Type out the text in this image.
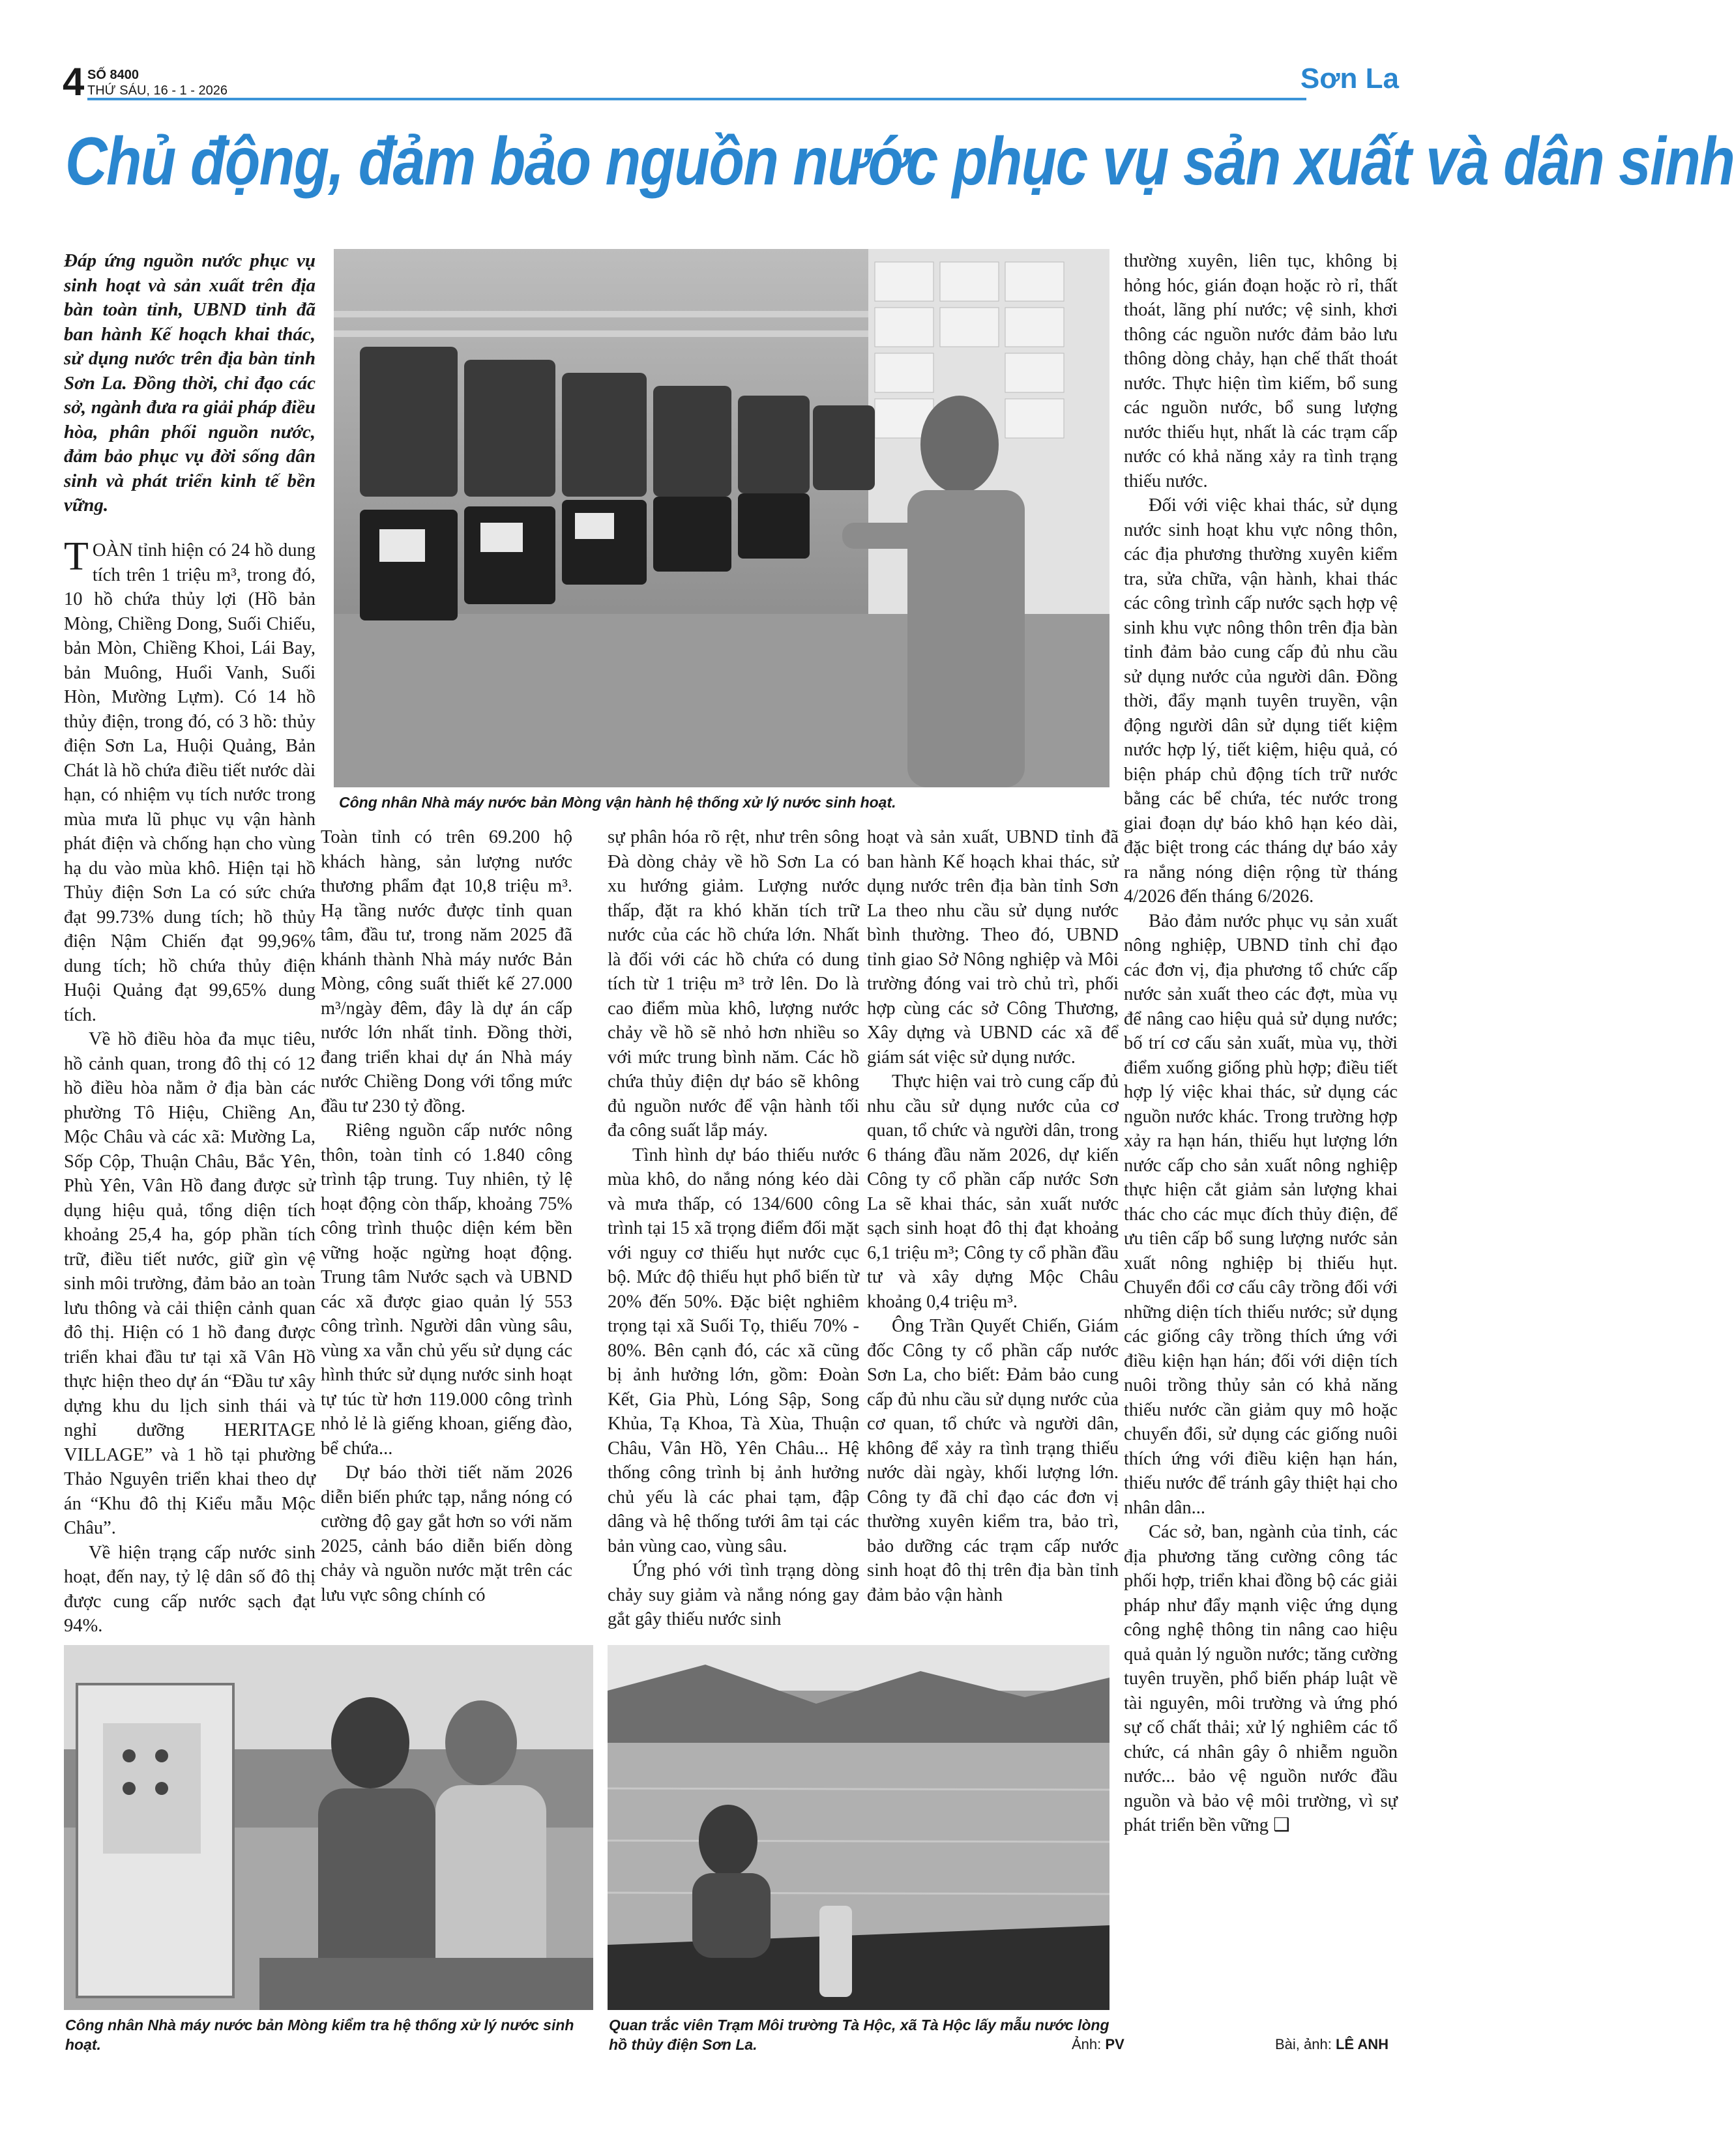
4 SỐ 8400
THỨ SÁU, 16 - 1 - 2026	Sơn La
Chủ động, đảm bảo nguồn nước phục vụ sản xuất và dân sinh
Đáp ứng nguồn nước phục vụ sinh hoạt và sản xuất trên địa bàn toàn tỉnh, UBND tỉnh đã ban hành Kế hoạch khai thác, sử dụng nước trên địa bàn tỉnh Sơn La. Đồng thời, chỉ đạo các sở, ngành đưa ra giải pháp điều hòa, phân phối nguồn nước, đảm bảo phục vụ đời sống dân sinh và phát triển kinh tế bền vững.
Công nhân Nhà máy nước bản Mòng vận hành hệ thống xử lý nước sinh hoạt.

TOÀN tỉnh hiện có 24 hồ dung tích trên 1 triệu m³, trong đó, 10 hồ chứa thủy lợi (Hồ bản Mòng, Chiềng Dong, Suối Chiếu, bản Mòn, Chiềng Khoi, Lái Bay, bản Muông, Huổi Vanh, Suối Hòn, Mường Lựm). Có 14 hồ thủy điện, trong đó, có 3 hồ: thủy điện Sơn La, Huội Quảng, Bản Chát là hồ chứa điều tiết nước dài hạn, có nhiệm vụ tích nước trong mùa mưa lũ phục vụ vận hành phát điện và chống hạn cho vùng hạ du vào mùa khô. Hiện tại hồ Thủy điện Sơn La có sức chứa đạt 99.73% dung tích; hồ thủy điện Nậm Chiến đạt 99,96% dung tích; hồ chứa thủy điện Huội Quảng đạt 99,65% dung tích.

Về hồ điều hòa đa mục tiêu, hồ cảnh quan, trong đô thị có 12 hồ điều hòa nằm ở địa bàn các phường Tô Hiệu, Chiềng An, Mộc Châu và các xã: Mường La, Sốp Cộp, Thuận Châu, Bắc Yên, Phù Yên, Vân Hồ đang được sử dụng hiệu quả, tổng diện tích khoảng 25,4 ha, góp phần tích trữ, điều tiết nước, giữ gìn vệ sinh môi trường, đảm bảo an toàn lưu thông và cải thiện cảnh quan đô thị. Hiện có 1 hồ đang được triển khai đầu tư tại xã Vân Hồ thực hiện theo dự án “Đầu tư xây dựng khu du lịch sinh thái và nghỉ dưỡng HERITAGE VILLAGE” và 1 hồ tại phường Thảo Nguyên triển khai theo dự án “Khu đô thị Kiểu mẫu Mộc Châu”.

Về hiện trạng cấp nước sinh hoạt, đến nay, tỷ lệ dân số đô thị được cung cấp nước sạch đạt 94%.

Toàn tỉnh có trên 69.200 hộ khách hàng, sản lượng nước thương phẩm đạt 10,8 triệu m³. Hạ tầng nước được tỉnh quan tâm, đầu tư, trong năm 2025 đã khánh thành Nhà máy nước Bản Mòng, công suất thiết kế 27.000 m³/ngày đêm, đây là dự án cấp nước lớn nhất tỉnh. Đồng thời, đang triển khai dự án Nhà máy nước Chiềng Dong với tổng mức đầu tư 230 tỷ đồng.

Riêng nguồn cấp nước nông thôn, toàn tỉnh có 1.840 công trình tập trung. Tuy nhiên, tỷ lệ hoạt động còn thấp, khoảng 75% công trình thuộc diện kém bền vững hoặc ngừng hoạt động. Trung tâm Nước sạch và UBND các xã được giao quản lý 553 công trình. Người dân vùng sâu, vùng xa vẫn chủ yếu sử dụng các hình thức sử dụng nước sinh hoạt tự túc từ hơn 119.000 công trình nhỏ lẻ là giếng khoan, giếng đào, bể chứa...

Dự báo thời tiết năm 2026 diễn biến phức tạp, nắng nóng có cường độ gay gắt hơn so với năm 2025, cảnh báo diễn biến dòng chảy và nguồn nước mặt trên các lưu vực sông chính có

sự phân hóa rõ rệt, như trên sông Đà dòng chảy về hồ Sơn La có xu hướng giảm. Lượng nước thấp, đặt ra khó khăn tích trữ nước của các hồ chứa lớn. Nhất là đối với các hồ chứa có dung tích từ 1 triệu m³ trở lên. Do là cao điểm mùa khô, lượng nước chảy về hồ sẽ nhỏ hơn nhiều so với mức trung bình năm. Các hồ chứa thủy điện dự báo sẽ không đủ nguồn nước để vận hành tối đa công suất lắp máy.

Tình hình dự báo thiếu nước mùa khô, do nắng nóng kéo dài và mưa thấp, có 134/600 công trình tại 15 xã trọng điểm đối mặt với nguy cơ thiếu hụt nước cục bộ. Mức độ thiếu hụt phổ biến từ 20% đến 50%. Đặc biệt nghiêm trọng tại xã Suối Tọ, thiếu 70% - 80%. Bên cạnh đó, các xã cũng bị ảnh hưởng lớn, gồm: Đoàn Kết, Gia Phù, Lóng Sập, Song Khủa, Tạ Khoa, Tà Xùa, Thuận Châu, Vân Hồ, Yên Châu... Hệ thống công trình bị ảnh hưởng chủ yếu là các phai tạm, đập dâng và hệ thống tưới âm tại các bản vùng cao, vùng sâu.

Ứng phó với tình trạng dòng chảy suy giảm và nắng nóng gay gắt gây thiếu nước sinh

hoạt và sản xuất, UBND tỉnh đã ban hành Kế hoạch khai thác, sử dụng nước trên địa bàn tỉnh Sơn La theo nhu cầu sử dụng nước bình thường. Theo đó, UBND tỉnh giao Sở Nông nghiệp và Môi trường đóng vai trò chủ trì, phối hợp cùng các sở Công Thương, Xây dựng và UBND các xã để giám sát việc sử dụng nước.

Thực hiện vai trò cung cấp đủ nhu cầu sử dụng nước của cơ quan, tổ chức và người dân, trong 6 tháng đầu năm 2026, dự kiến Công ty cổ phần cấp nước Sơn La sẽ khai thác, sản xuất nước sạch sinh hoạt đô thị đạt khoảng 6,1 triệu m³; Công ty cổ phần đầu tư và xây dựng Mộc Châu khoảng 0,4 triệu m³.

Ông Trần Quyết Chiến, Giám đốc Công ty cổ phần cấp nước Sơn La, cho biết: Đảm bảo cung cấp đủ nhu cầu sử dụng nước của cơ quan, tổ chức và người dân, không để xảy ra tình trạng thiếu nước dài ngày, khối lượng lớn. Công ty đã chỉ đạo các đơn vị thường xuyên kiểm tra, bảo trì, bảo dưỡng các trạm cấp nước sinh hoạt đô thị trên địa bàn tỉnh đảm bảo vận hành

thường xuyên, liên tục, không bị hỏng hóc, gián đoạn hoặc rò rỉ, thất thoát, lãng phí nước; vệ sinh, khơi thông các nguồn nước đảm bảo lưu thông dòng chảy, hạn chế thất thoát nước. Thực hiện tìm kiếm, bổ sung các nguồn nước, bổ sung lượng nước thiếu hụt, nhất là các trạm cấp nước có khả năng xảy ra tình trạng thiếu nước.

Đối với việc khai thác, sử dụng nước sinh hoạt khu vực nông thôn, các địa phương thường xuyên kiểm tra, sửa chữa, vận hành, khai thác các công trình cấp nước sạch hợp vệ sinh khu vực nông thôn trên địa bàn tỉnh đảm bảo cung cấp đủ nhu cầu sử dụng nước của người dân. Đồng thời, đẩy mạnh tuyên truyền, vận động người dân sử dụng tiết kiệm nước hợp lý, tiết kiệm, hiệu quả, có biện pháp chủ động tích trữ nước bằng các bể chứa, téc nước trong giai đoạn dự báo khô hạn kéo dài, đặc biệt trong các tháng dự báo xảy ra nắng nóng diện rộng từ tháng 4/2026 đến tháng 6/2026.

Bảo đảm nước phục vụ sản xuất nông nghiệp, UBND tỉnh chỉ đạo các đơn vị, địa phương tổ chức cấp nước sản xuất theo các đợt, mùa vụ để nâng cao hiệu quả sử dụng nước; bố trí cơ cấu sản xuất, mùa vụ, thời điểm xuống giống phù hợp; điều tiết hợp lý việc khai thác, sử dụng các nguồn nước khác. Trong trường hợp xảy ra hạn hán, thiếu hụt lượng lớn nước cấp cho sản xuất nông nghiệp thực hiện cắt giảm sản lượng khai thác cho các mục đích thủy điện, để ưu tiên cấp bổ sung lượng nước sản xuất nông nghiệp bị thiếu hụt. Chuyển đổi cơ cấu cây trồng đối với những diện tích thiếu nước; sử dụng các giống cây trồng thích ứng với điều kiện hạn hán; đối với diện tích nuôi trồng thủy sản có khả năng thiếu nước cần giảm quy mô hoặc chuyển đổi, sử dụng các giống nuôi thích ứng với điều kiện hạn hán, thiếu nước để tránh gây thiệt hại cho nhân dân...

Các sở, ban, ngành của tỉnh, các địa phương tăng cường công tác phối hợp, triển khai đồng bộ các giải pháp như đẩy mạnh việc ứng dụng công nghệ thông tin nâng cao hiệu quả quản lý nguồn nước; tăng cường tuyên truyền, phổ biến pháp luật về tài nguyên, môi trường và ứng phó sự cố chất thải; xử lý nghiêm các tổ chức, cá nhân gây ô nhiễm nguồn nước... bảo vệ nguồn nước đầu nguồn và bảo vệ môi trường, vì sự phát triển bền vững ❑

Công nhân Nhà máy nước bản Mòng kiểm tra hệ thống xử lý nước sinh hoạt.
Quan trắc viên Trạm Môi trường Tà Hộc, xã Tà Hộc lấy mẫu nước lòng hồ thủy điện Sơn La.	Ảnh: PV	Bài, ảnh: LÊ ANH
